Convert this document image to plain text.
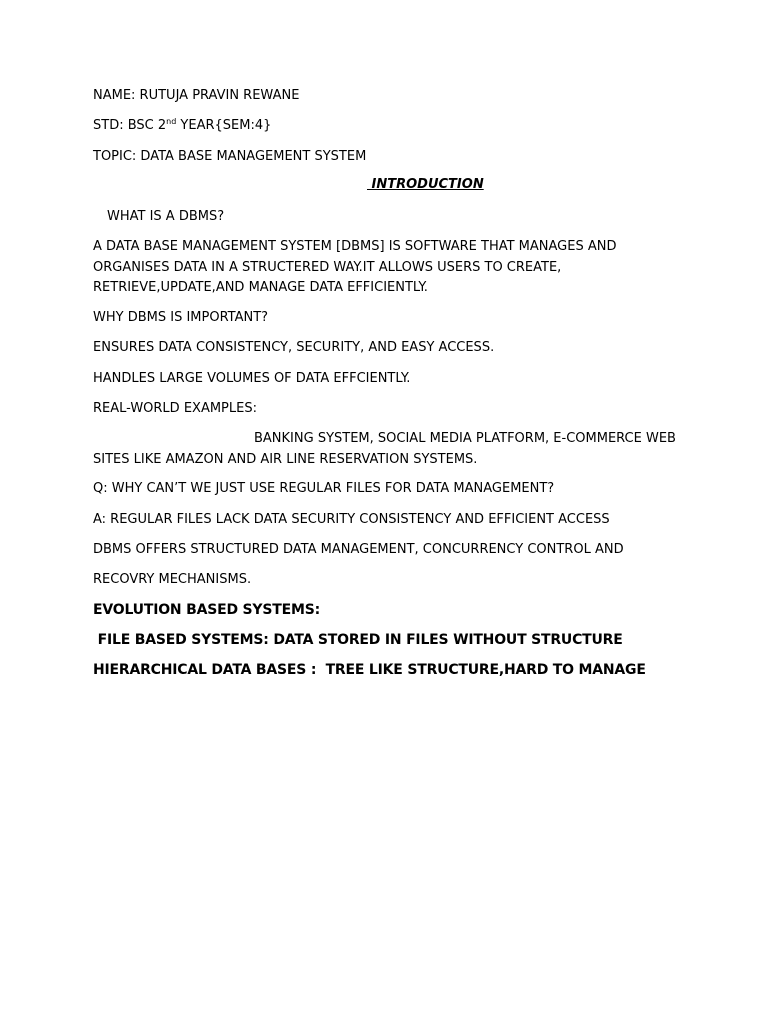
NAME: RUTUJA PRAVIN REWANE

STD: BSC 2nd YEAR{SEM:4}

TOPIC: DATA BASE MANAGEMENT SYSTEM

INTRODUCTION

WHAT IS A DBMS?

A DATA BASE MANAGEMENT SYSTEM [DBMS] IS SOFTWARE THAT MANAGES AND ORGANISES DATA IN A STRUCTERED WAY.IT ALLOWS USERS TO CREATE, RETRIEVE,UPDATE,AND MANAGE DATA EFFICIENTLY.

WHY DBMS IS IMPORTANT?

ENSURES DATA CONSISTENCY, SECURITY, AND EASY ACCESS.

HANDLES LARGE VOLUMES OF DATA EFFCIENTLY.

REAL-WORLD EXAMPLES:

BANKING SYSTEM, SOCIAL MEDIA PLATFORM, E-COMMERCE WEB

SITES LIKE AMAZON AND AIR LINE RESERVATION SYSTEMS.

Q: WHY CAN’T WE JUST USE REGULAR FILES FOR DATA MANAGEMENT?

A: REGULAR FILES LACK DATA SECURITY CONSISTENCY AND EFFICIENT ACCESS

DBMS OFFERS STRUCTURED DATA MANAGEMENT, CONCURRENCY CONTROL AND

RECOVRY MECHANISMS.

EVOLUTION BASED SYSTEMS:

FILE BASED SYSTEMS: DATA STORED IN FILES WITHOUT STRUCTURE

HIERARCHICAL DATA BASES :  TREE LIKE STRUCTURE,HARD TO MANAGE
